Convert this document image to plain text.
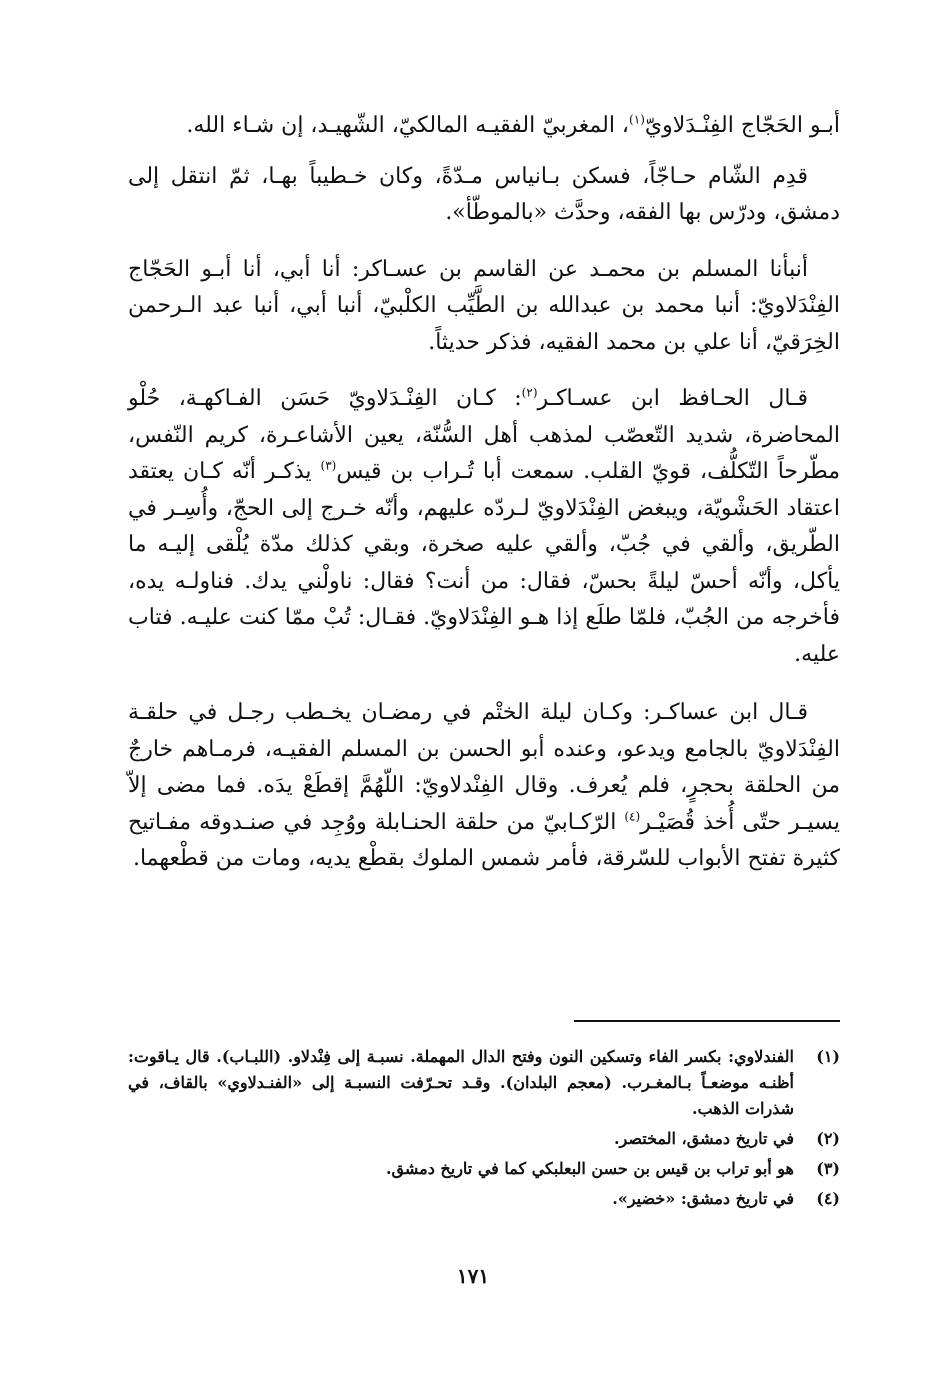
أبـو الحَجّاج الفِنْـدَلاويّ$^{(١)}$، المغربيّ الفقيـه المالكيّ، الشّهيـد، إن شـاء الله.

قدِم الشّام حـاجّاً، فسكن بـانياس مـدّةً، وكان خـطيباً بهـا، ثمّ انتقل إلى دمشق، ودرّس بها الفقه، وحدَّث «بالموطّأ».

أنبأنا المسلم بن محمـد عن القاسم بن عسـاكر: أنا أبي، أنا أبـو الحَجّاج الفِنْدَلاويّ: أنبا محمد بن عبدالله بن الطَّيِّب الكلْبيّ، أنبا أبي، أنبا عبد الـرحمن الخِرَقيّ، أنا علي بن محمد الفقيه، فذكر حديثاً.

قـال الحـافظ ابن عسـاكـر$^{(٢)}$: كـان الفِنْـدَلاويّ حَسَن الفـاكهـة، حُلْو المحاضرة، شديد التّعصّب لمذهب أهل السُّنّة، يعين الأشاعـرة، كريم النّفس، مطّرحاً التّكلُّف، قويّ القلب. سمعت أبا تُـراب بن قيس$^{(٣)}$ يذكـر أنّه كـان يعتقد اعتقاد الحَشْويّة، ويبغض الفِنْدَلاويّ لـردّه عليهم، وأنّه خـرج إلى الحجّ، وأُسِـر في الطّريق، وألقي في جُبّ، وألقي عليه صخرة، وبقي كذلك مدّة يُلْقى إليـه ما يأكل، وأنّه أحسّ ليلةً بحسّ، فقال: من أنت؟ فقال: ناولْني يدك. فناولـه يده، فأخرجه من الجُبّ، فلمّا طلَع إذا هـو الفِنْدَلاويّ. فقـال: تُبْ ممّا كنت عليـه. فتاب عليه.

قـال ابن عساكـر: وكـان ليلة الختْم في رمضـان يخـطب رجـل في حلقـة الفِنْدَلاويّ بالجامع ويدعو، وعنده أبو الحسن بن المسلم الفقيـه، فرمـاهم خارجٌ من الحلقة بحجرٍ، فلم يُعرف. وقال الفِنْدلاويّ: اللّهُمَّ إقطَعْ يدَه. فما مضى إلاّ يسيـر حتّى أُخذ قُصَيْـر$^{(٤)}$ الرّكـابيّ من حلقة الحنـابلة ووُجِد في صنـدوقه مفـاتيح كثيرة تفتح الأبواب للسّرقة، فأمر شمس الملوك بقطْع يديه، ومات من قطْعهما.

(١)
الفندلاوي: بكسر الفاء وتسكين النون وفتح الدال المهملة. نسبـة إلى فِنْدلاو. (اللبـاب). قال يـاقوت: أظنـه موضعـاً بـالمغـرب. (معجم البلدان). وقـد تحـرّفت النسبـة إلى «الفنـدلاوي» بالقاف، في شذرات الذهب.
(٢)
في تاريخ دمشق، المختصر.
(٣)
هو أبو تراب بن قيس بن حسن البعلبكي كما في تاريخ دمشق.
(٤)
في تاريخ دمشق: «خضير».
١٧١
